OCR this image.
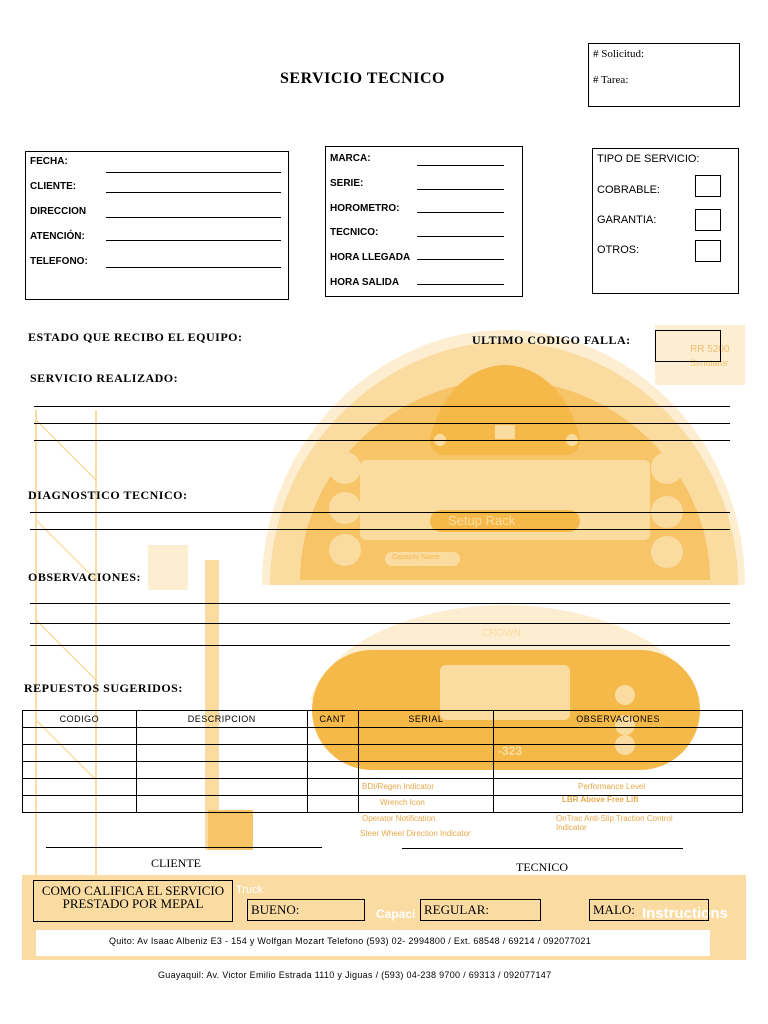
Setup Rack
RR 5200
Simulator
Capacity Name
CROWN
-323
BDI/Regen Indicator
Wrench Icon
Operator Notification
Steer Wheel Direction Indicator
Performance Level
LBR Above Free Lift
OnTrac Anti-Slip Traction Control Indicator
Truck
Capaci	Instructions
SERVICIO TECNICO
# Solicitud:
# Tarea:
FECHA:
CLIENTE:
DIRECCION
ATENCIÓN:
TELEFONO:
MARCA:
SERIE:
HOROMETRO:
TECNICO:
HORA LLEGADA
HORA SALIDA
TIPO DE SERVICIO:
COBRABLE:
GARANTIA:
OTROS:
ESTADO QUE RECIBO EL EQUIPO:	ULTIMO CODIGO FALLA:
SERVICIO REALIZADO:
DIAGNOSTICO TECNICO:
OBSERVACIONES:
REPUESTOS SUGERIDOS:
CODIGO	DESCRIPCION	CANT	SERIAL	OBSERVACIONES

CLIENTE	TECNICO
COMO CALIFICA EL SERVICIO
PRESTADO POR MEPAL	BUENO:	REGULAR:	MALO:
Quito: Av Isaac Albeniz E3 - 154 y Wolfgan Mozart Telefono (593) 02- 2994800 / Ext. 68548 / 69214 / 092077021
Guayaquil: Av. Victor Emilio Estrada 1110 y Jiguas / (593) 04-238 9700 / 69313 / 092077147
